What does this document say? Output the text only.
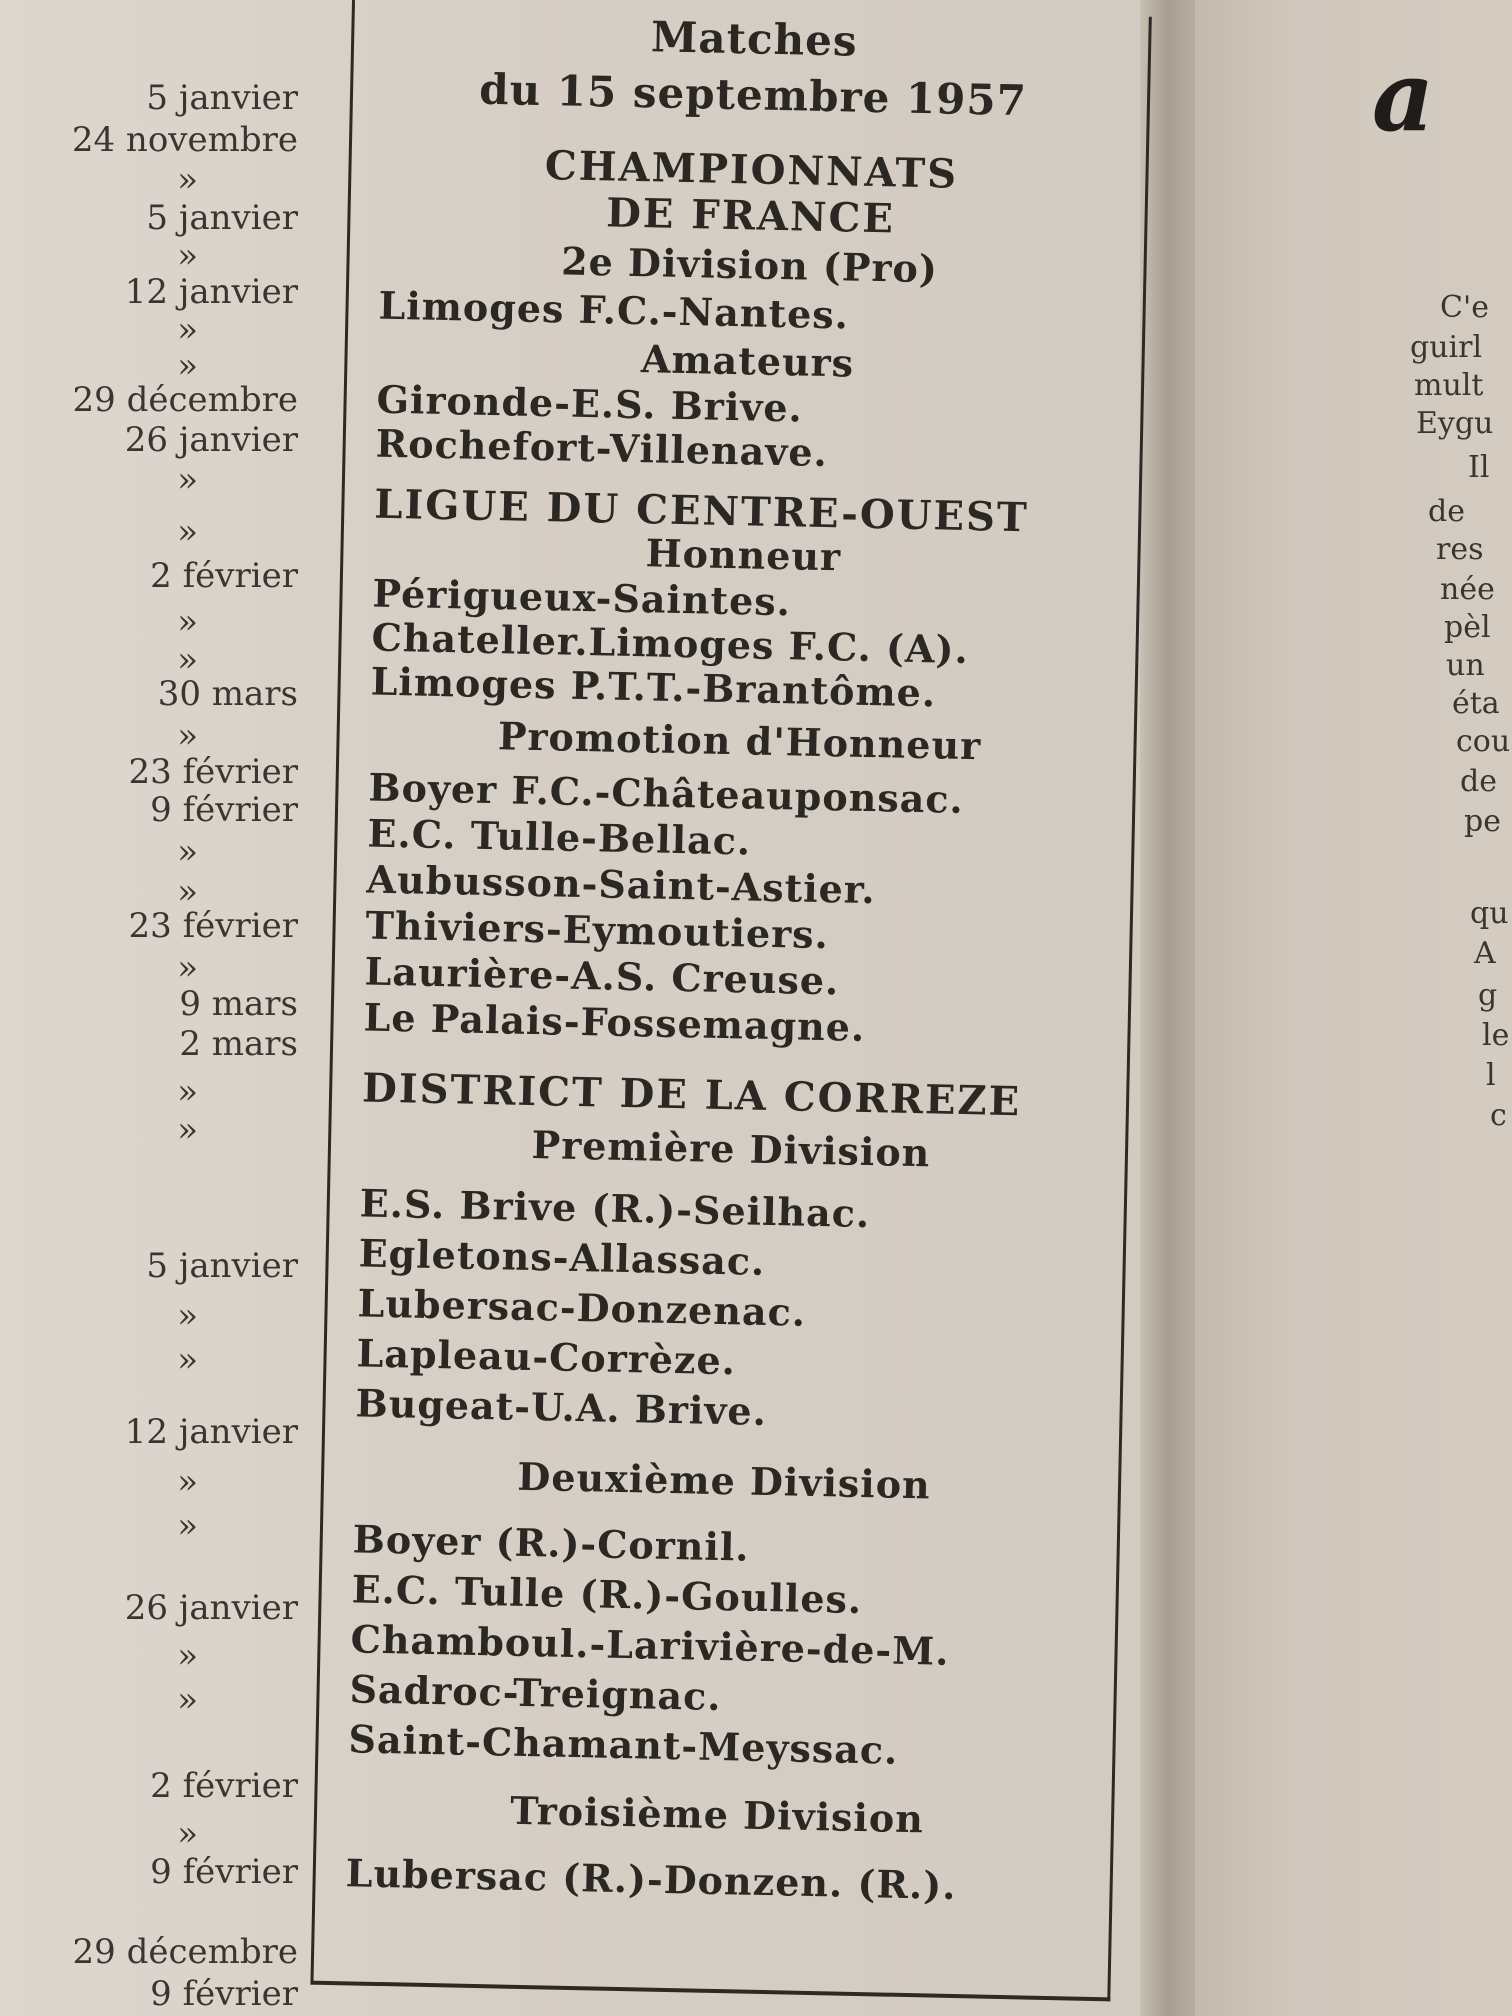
5 janvier
24 novembre
»
5 janvier
»
12 janvier
»
»
29 décembre
26 janvier
»
»
2 février
»
»
30 mars
»
23 février
9 février
»
»
23 février
»
9 mars
2 mars
»
»
5 janvier
»
»
12 janvier
»
»
26 janvier
»
»
2 février
»
9 février
29 décembre
9 février
Matches
du 15 septembre 1957
CHAMPIONNATS
DE FRANCE
2e Division (Pro)
Limoges F.C.-Nantes.
Amateurs
Gironde-E.S. Brive.
Rochefort-Villenave.
LIGUE DU CENTRE-OUEST
Honneur
Périgueux-Saintes.
Chateller.Limoges F.C. (A).
Limoges P.T.T.-Brantôme.
Promotion d'Honneur
Boyer F.C.-Châteauponsac.
E.C. Tulle-Bellac.
Aubusson-Saint-Astier.
Thiviers-Eymoutiers.
Laurière-A.S. Creuse.
Le Palais-Fossemagne.
DISTRICT DE LA CORREZE
Première Division
E.S. Brive (R.)-Seilhac.
Egletons-Allassac.
Lubersac-Donzenac.
Lapleau-Corrèze.
Bugeat-U.A. Brive.
Deuxième Division
Boyer (R.)-Cornil.
E.C. Tulle (R.)-Goulles.
Chamboul.-Larivière-de-M.
Sadroc-Treignac.
Saint-Chamant-Meyssac.
Troisième Division
Lubersac (R.)-Donzen. (R.).
a
C'e
guirl
mult
Eygu
Il
de
res
née
pèl
un
éta
cou
de
pe
qu
A
g
le
l
c
